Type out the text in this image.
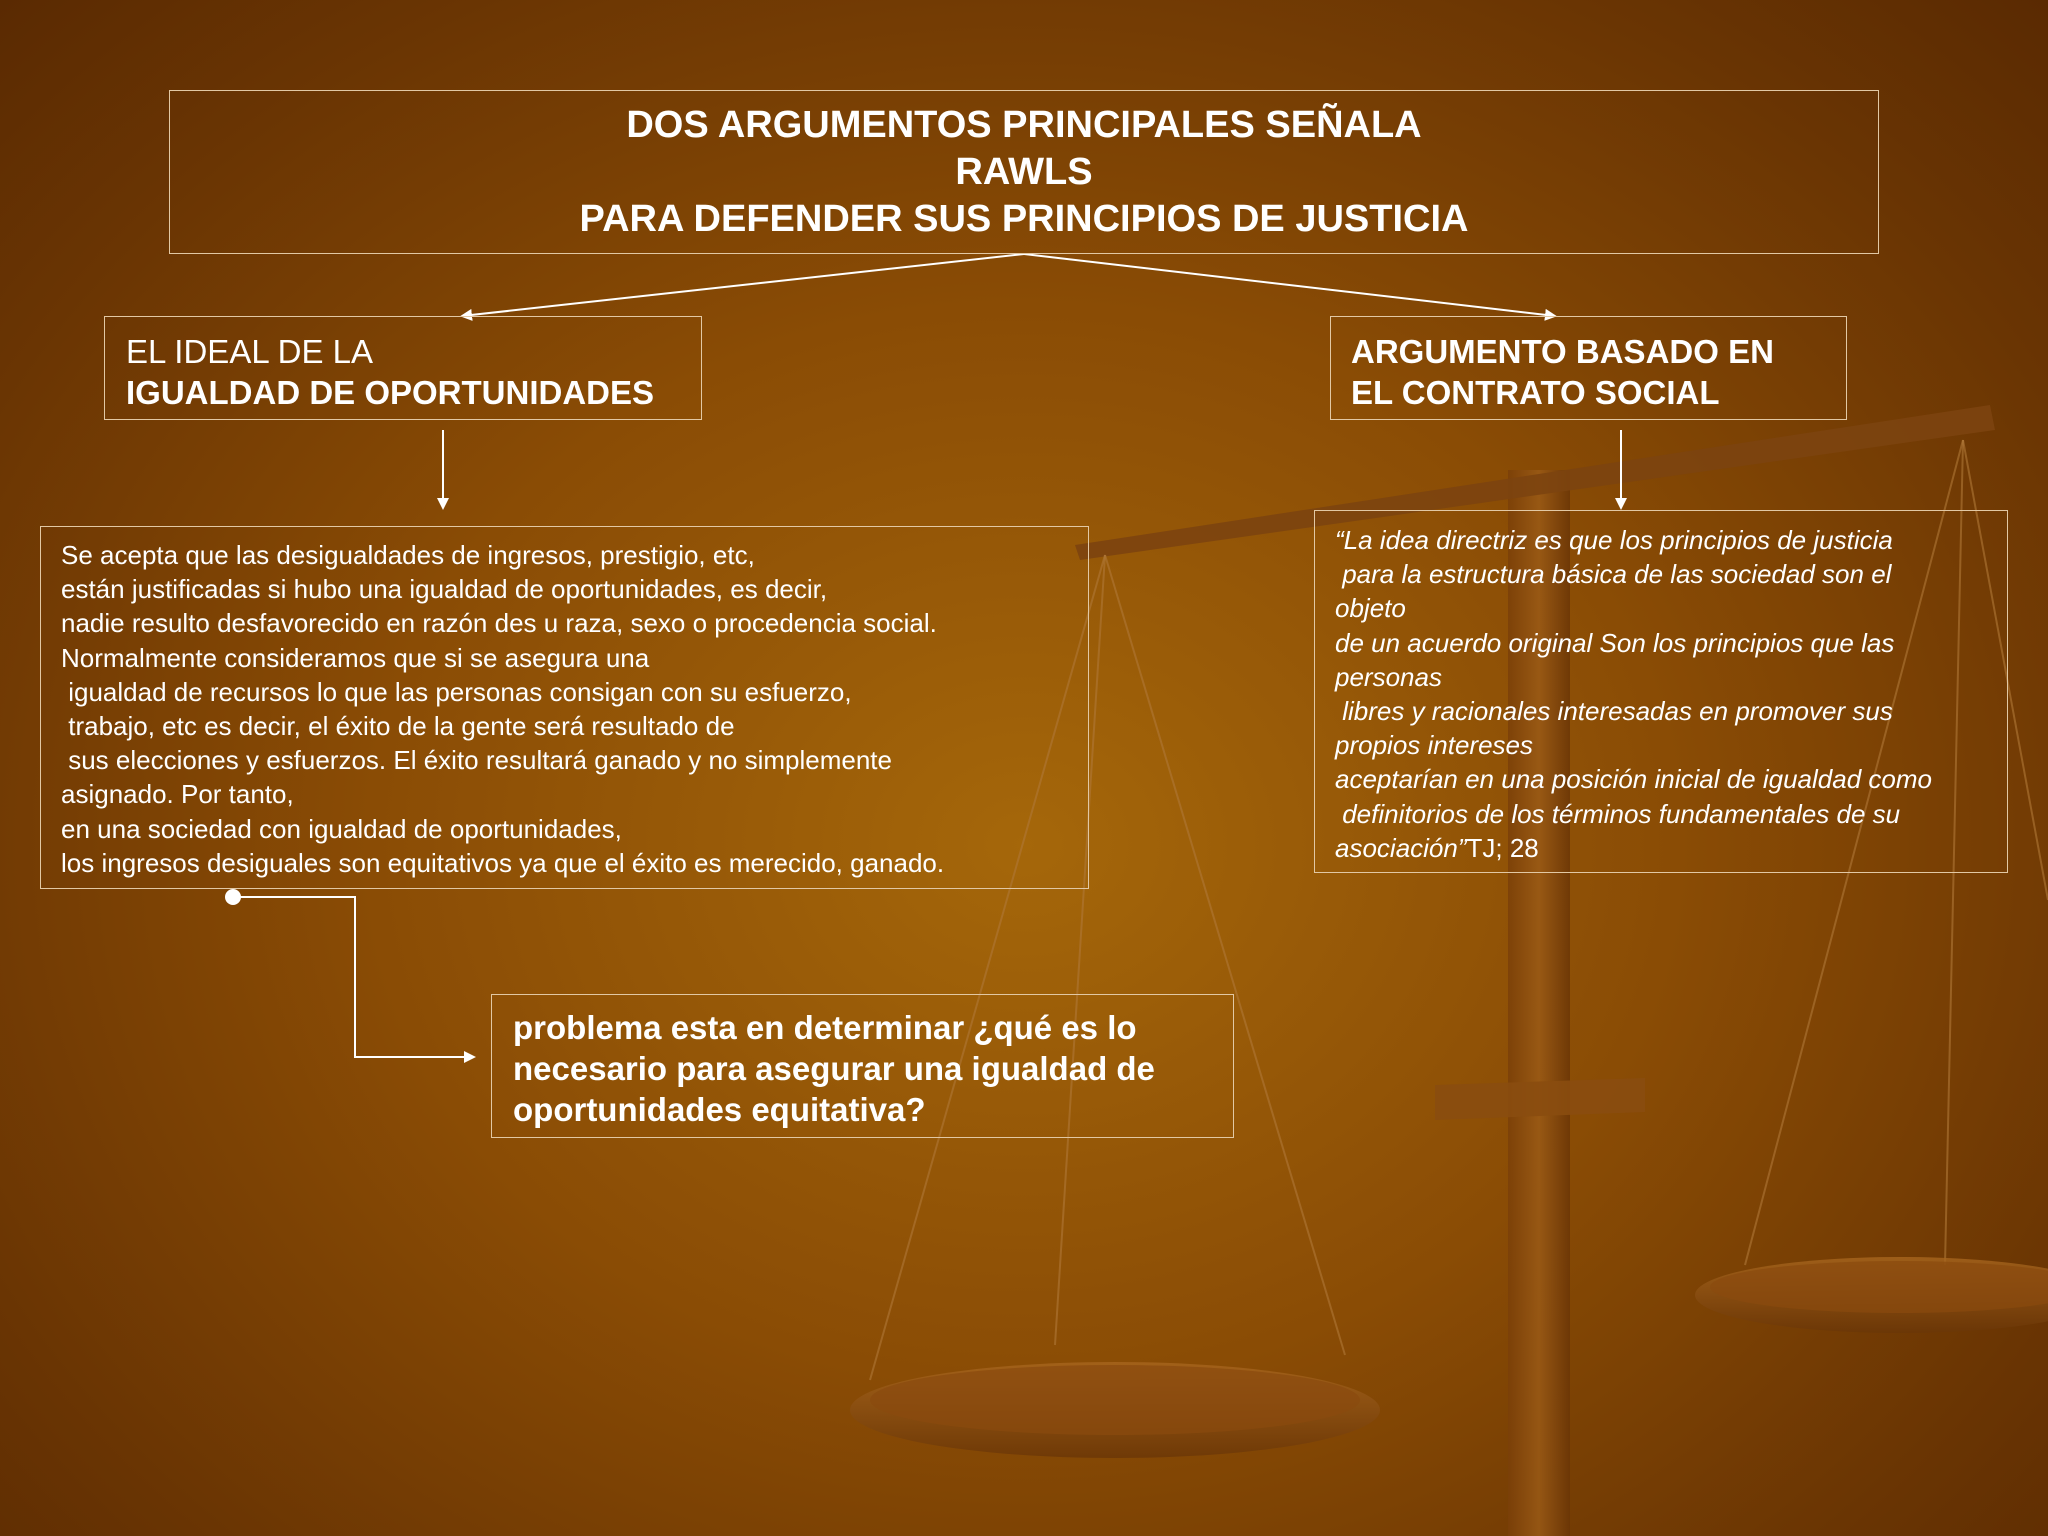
DOS ARGUMENTOS PRINCIPALES SEÑALA
RAWLS
PARA DEFENDER SUS PRINCIPIOS DE JUSTICIA
EL IDEAL DE LA
IGUALDAD DE OPORTUNIDADES
ARGUMENTO BASADO EN
EL CONTRATO SOCIAL
Se acepta que las desigualdades de ingresos, prestigio, etc,
están justificadas si hubo una igualdad de oportunidades, es decir,
nadie resulto desfavorecido en razón des u raza, sexo o procedencia social.
Normalmente consideramos que si se asegura una
igualdad de recursos lo que las personas consigan con su esfuerzo,
trabajo, etc es decir, el éxito de la gente será resultado de
sus elecciones y esfuerzos. El éxito resultará ganado y no simplemente
asignado. Por tanto,
en una sociedad con igualdad de oportunidades,
los ingresos desiguales son equitativos ya que el éxito es merecido, ganado.
“La idea directriz es que los principios de justicia
para la estructura básica de las sociedad son el
objeto
de un acuerdo original Son los principios que las
personas
libres y racionales interesadas en promover sus
propios intereses
aceptarían en una posición inicial de igualdad como
definitorios de los términos fundamentales de su
asociación”TJ; 28
problema esta en determinar ¿qué es lo
necesario para asegurar una igualdad de
oportunidades equitativa?
